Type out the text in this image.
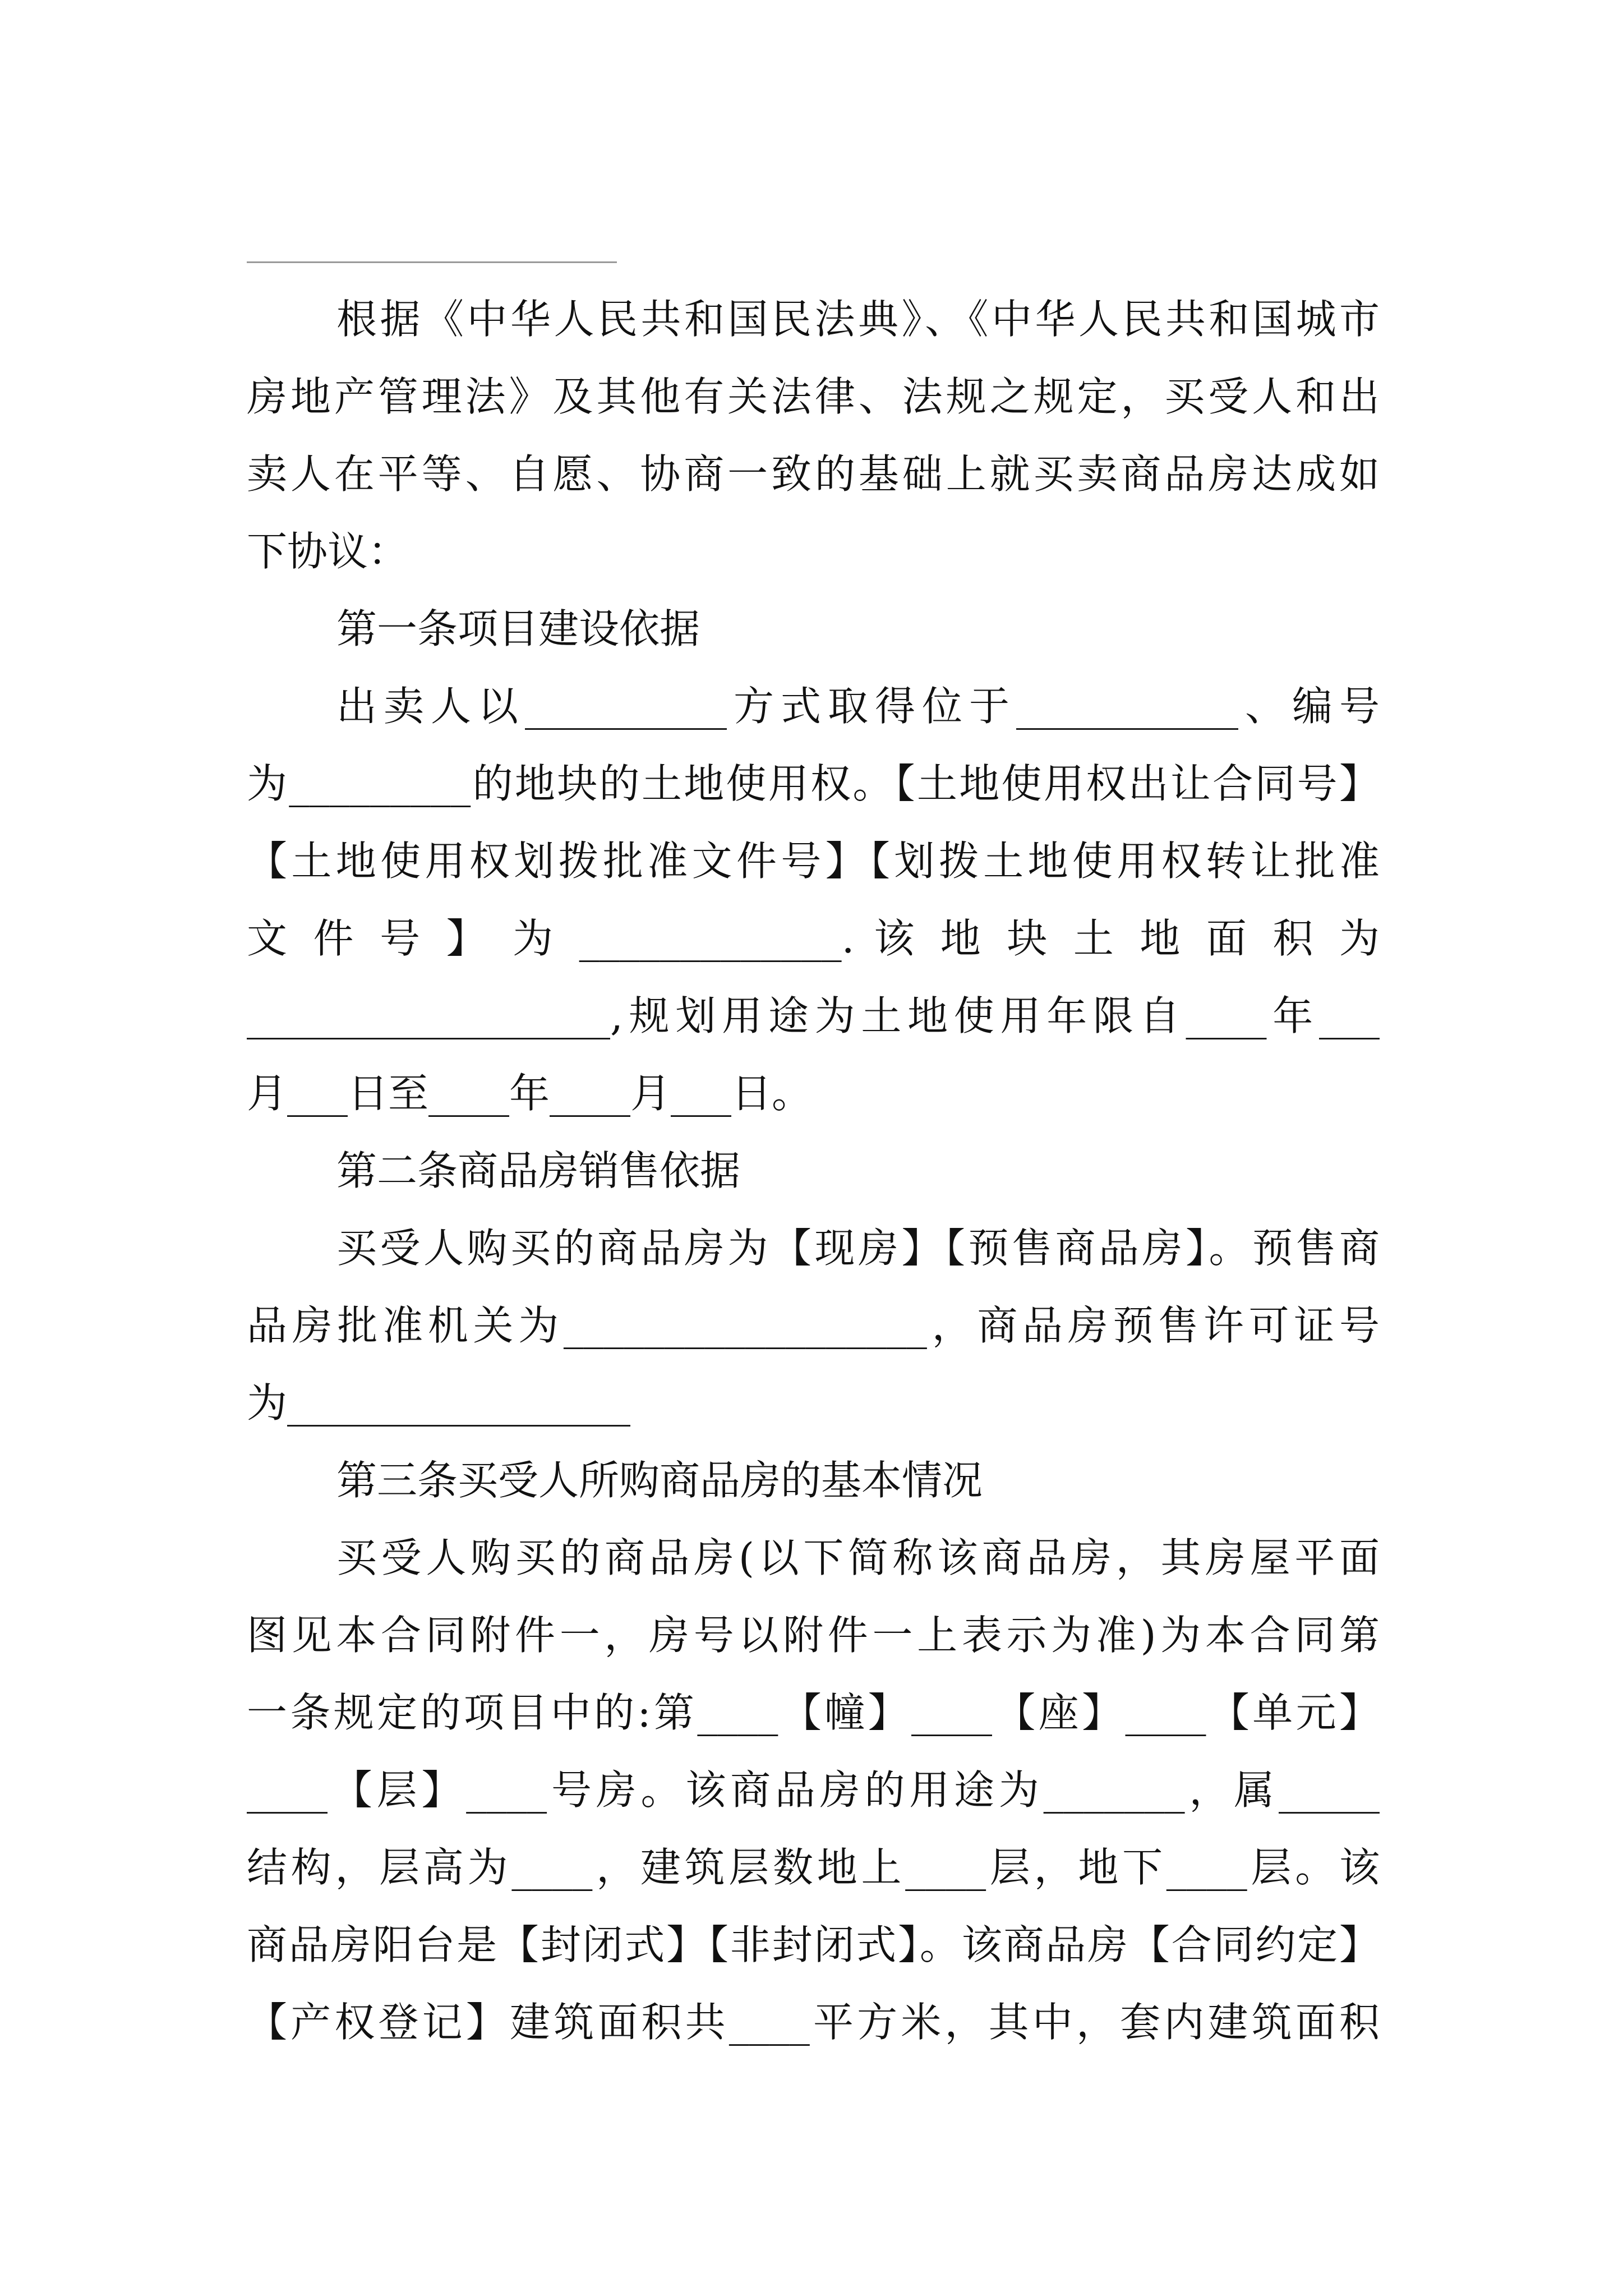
根据《中华人民共和国民法典》、《中华人民共和国城市
房地产管理法》及其他有关法律、法规之规定，买受人和出
卖人在平等、自愿、协商一致的基础上就买卖商品房达成如
下协议：
第一条项目建设依据
出卖人以__________方式取得位于___________、编号
为_________的地块的土地使用权。【土地使用权出让合同号】
【土地使用权划拨批准文件号】【划拨土地使用权转让批准
文 件 号 】 为 _____________. 该 地 块 土 地 面 积 为
__________________,规划用途为土地使用年限自____年___
月___日至____年____月___日。
第二条商品房销售依据
买受人购买的商品房为【现房】【预售商品房】。预售商
品房批准机关为__________________，商品房预售许可证号
为_________________
第三条买受人所购商品房的基本情况
买受人购买的商品房(以下简称该商品房，其房屋平面
图见本合同附件一，房号以附件一上表示为准)为本合同第
一条规定的项目中的:第____【幢】____【座】____【单元】
____【层】____号房。该商品房的用途为_______，属_____
结构，层高为____，建筑层数地上____层，地下____层。该
商品房阳台是【封闭式】【非封闭式】。该商品房【合同约定】
【产权登记】建筑面积共____平方米，其中，套内建筑面积
